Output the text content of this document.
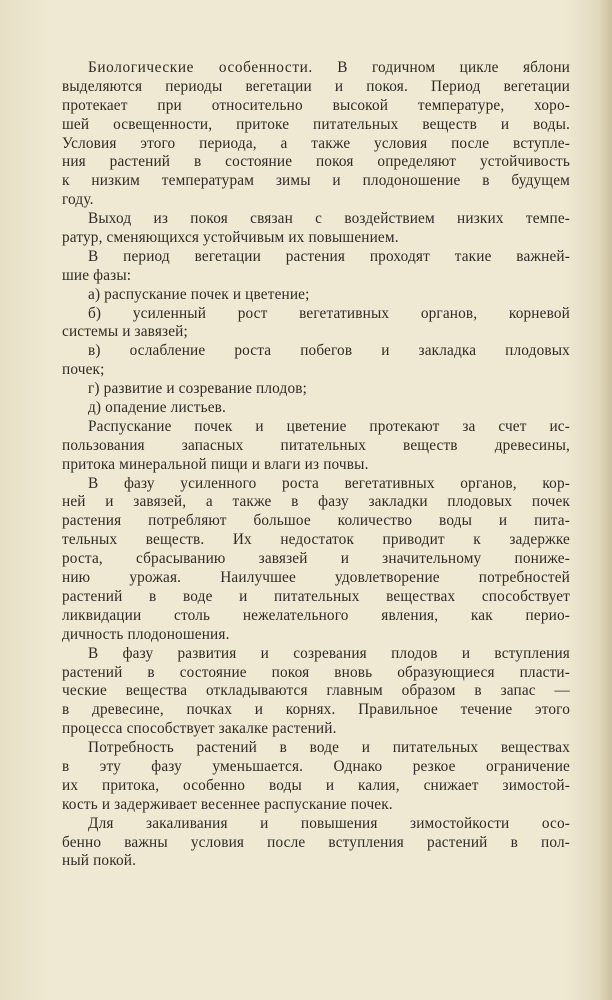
Биологические особенности. В годичном цикле яблони
выделяются периоды вегетации и покоя. Период вегетации
протекает при относительно высокой температуре, хоро-
шей освещенности, притоке питательных веществ и воды.
Условия этого периода, а также условия после вступле-
ния растений в состояние покоя определяют устойчивость
к низким температурам зимы и плодоношение в будущем
году.
Выход из покоя связан с воздействием низких темпе-
ратур, сменяющихся устойчивым их повышением.
В период вегетации растения проходят такие важней-
шие фазы:
а) распускание почек и цветение;
б) усиленный рост вегетативных органов, корневой
системы и завязей;
в) ослабление роста побегов и закладка плодовых
почек;
г) развитие и созревание плодов;
д) опадение листьев.
Распускание почек и цветение протекают за счет ис-
пользования запасных питательных веществ древесины,
притока минеральной пищи и влаги из почвы.
В фазу усиленного роста вегетативных органов, кор-
ней и завязей, а также в фазу закладки плодовых почек
растения потребляют большое количество воды и пита-
тельных веществ. Их недостаток приводит к задержке
роста, сбрасыванию завязей и значительному пониже-
нию урожая. Наилучшее удовлетворение потребностей
растений в воде и питательных веществах способствует
ликвидации столь нежелательного явления, как перио-
дичность плодоношения.
В фазу развития и созревания плодов и вступления
растений в состояние покоя вновь образующиеся пласти-
ческие вещества откладываются главным образом в запас —
в древесине, почках и корнях. Правильное течение этого
процесса способствует закалке растений.
Потребность растений в воде и питательных веществах
в эту фазу уменьшается. Однако резкое ограничение
их притока, особенно воды и калия, снижает зимостой-
кость и задерживает весеннее распускание почек.
Для закаливания и повышения зимостойкости осо-
бенно важны условия после вступления растений в пол-
ный покой.
